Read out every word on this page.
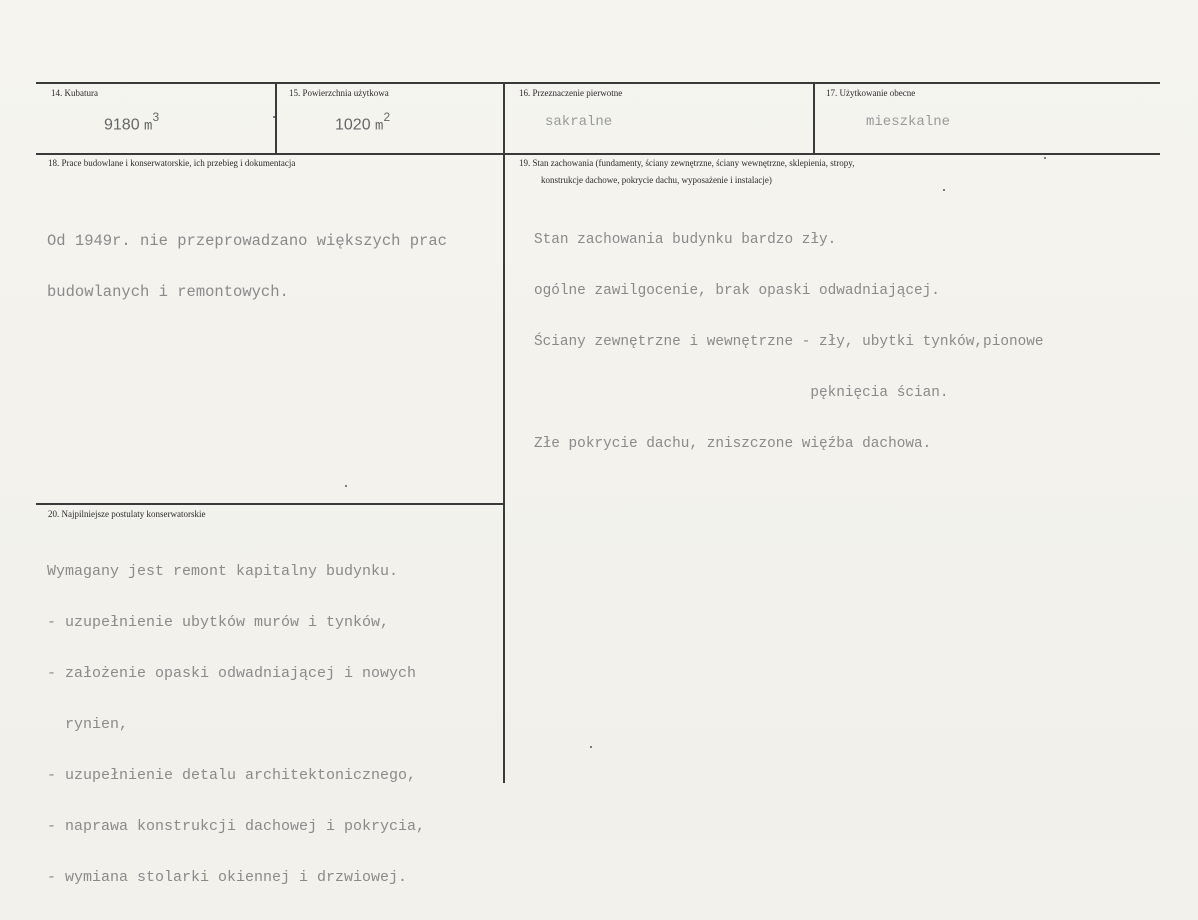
14. Kubatura
9180 $m^3$
15. Powierzchnia użytkowa
1020 $m^2$
16. Przeznaczenie pierwotne
sakralne
17. Użytkowanie obecne
mieszkalne
18. Prace budowlane i konserwatorskie, ich przebieg i dokumentacja

Od 1949r. nie przeprowadzano większych prac

budowlanych i remontowych.

19. Stan zachowania (fundamenty, ściany zewnętrzne, ściany wewnętrzne, sklepienia, stropy,
konstrukcje dachowe, pokrycie dachu, wyposażenie i instalacje)

Stan zachowania budynku bardzo zły.

ogólne zawilgocenie, brak opaski odwadniającej.

Ściany zewnętrzne i wewnętrzne - zły, ubytki tynków,pionowe

pęknięcia ścian.

Złe pokrycie dachu, zniszczone więźba dachowa.

20. Najpilniejsze postulaty konserwatorskie

Wymagany jest remont kapitalny budynku.

- uzupełnienie ubytków murów i tynków,

- założenie opaski odwadniającej i nowych

rynien,

- uzupełnienie detalu architektonicznego,

- naprawa konstrukcji dachowej i pokrycia,

- wymiana stolarki okiennej i drzwiowej.
